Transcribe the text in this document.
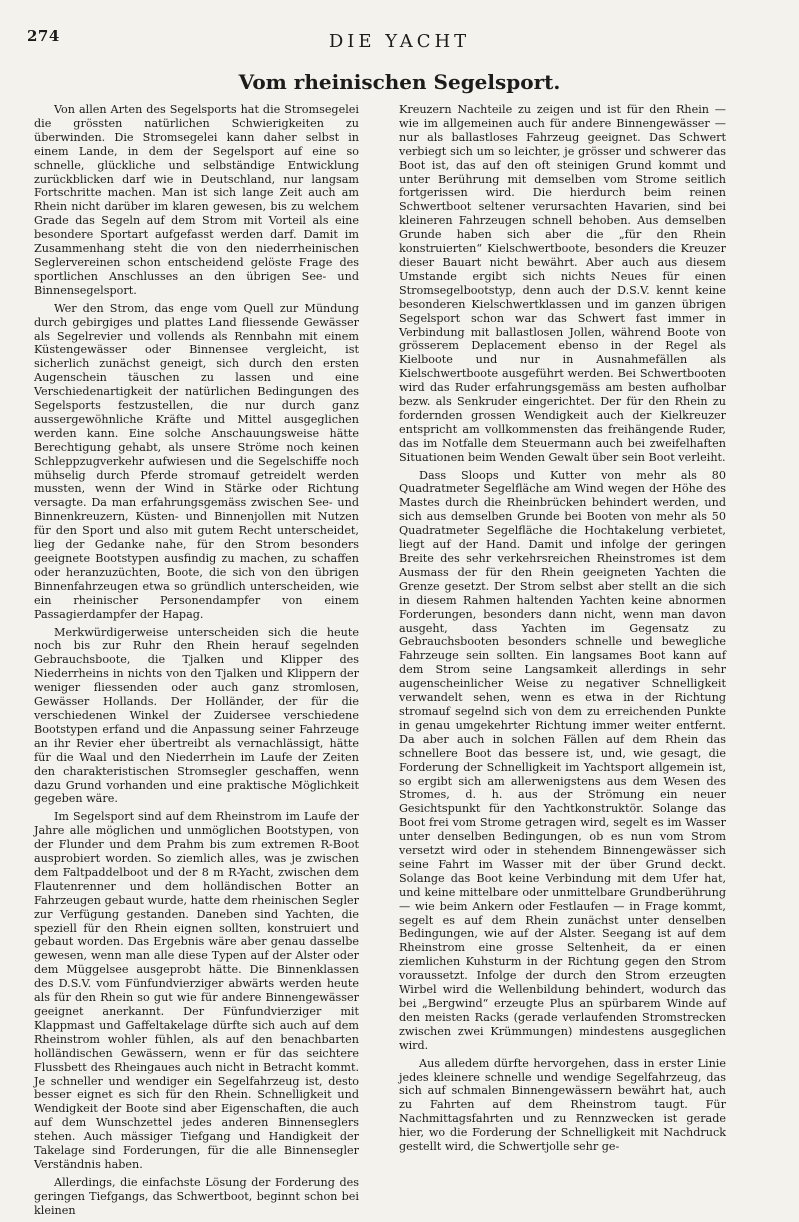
274	DIE YACHT
Vom rheinischen Segelsport.

Von allen Arten des Segelsports hat die Stromsegelei die grössten natürlichen Schwierigkeiten zu überwinden. Die Stromsegelei kann daher selbst in einem Lande, in dem der Segelsport auf eine so schnelle, glückliche und selbständige Entwicklung zurückblicken darf wie in Deutschland, nur langsam Fortschritte machen. Man ist sich lange Zeit auch am Rhein nicht darüber im klaren gewesen, bis zu welchem Grade das Segeln auf dem Strom mit Vorteil als eine besondere Sportart aufgefasst werden darf. Damit im Zusammenhang steht die von den niederrheinischen Seglervereinen schon entscheidend gelöste Frage des sportlichen Anschlusses an den übrigen See- und Binnensegelsport.

Wer den Strom, das enge vom Quell zur Mündung durch gebirgiges und plattes Land fliessende Gewässer als Segelrevier und vollends als Rennbahn mit einem Küstengewässer oder Binnensee vergleicht, ist sicherlich zunächst geneigt, sich durch den ersten Augenschein täuschen zu lassen und eine Verschiedenartigkeit der natürlichen Bedingungen des Segelsports festzustellen, die nur durch ganz aussergewöhnliche Kräfte und Mittel ausgeglichen werden kann. Eine solche Anschauungsweise hätte Berechtigung gehabt, als unsere Ströme noch keinen Schleppzugverkehr aufwiesen und die Segelschiffe noch mühselig durch Pferde stromauf getreidelt werden mussten, wenn der Wind in Stärke oder Richtung versagte. Da man erfahrungsgemäss zwischen See- und Binnenkreuzern, Küsten- und Binnenjollen mit Nutzen für den Sport und also mit gutem Recht unterscheidet, lieg der Gedanke nahe, für den Strom besonders geeignete Bootstypen ausfindig zu machen, zu schaffen oder heranzuzüchten, Boote, die sich von den übrigen Binnenfahrzeugen etwa so gründlich unterscheiden, wie ein rheinischer Personendampfer von einem Passagierdampfer der Hapag.

Merkwürdigerweise unterscheiden sich die heute noch bis zur Ruhr den Rhein herauf segelnden Gebrauchsboote, die Tjalken und Klipper des Niederrheins in nichts von den Tjalken und Klippern der weniger fliessenden oder auch ganz stromlosen, Gewässer Hollands. Der Holländer, der für die verschiedenen Winkel der Zuidersee verschiedene Bootstypen erfand und die Anpassung seiner Fahrzeuge an ihr Revier eher übertreibt als vernachlässigt, hätte für die Waal und den Niederrhein im Laufe der Zeiten den charakteristischen Stromsegler geschaffen, wenn dazu Grund vorhanden und eine praktische Möglichkeit gegeben wäre.

Im Segelsport sind auf dem Rheinstrom im Laufe der Jahre alle möglichen und unmöglichen Bootstypen, von der Flunder und dem Prahm bis zum extremen R-Boot ausprobiert worden. So ziemlich alles, was je zwischen dem Faltpaddelboot und der 8 m R-Yacht, zwischen dem Flautenrenner und dem holländischen Botter an Fahrzeugen gebaut wurde, hatte dem rheinischen Segler zur Verfügung gestanden. Daneben sind Yachten, die speziell für den Rhein eignen sollten, konstruiert und gebaut worden. Das Ergebnis wäre aber genau dasselbe gewesen, wenn man alle diese Typen auf der Alster oder dem Müggelsee ausgeprobt hätte. Die Binnenklassen des D.S.V. vom Fünfundvierziger abwärts werden heute als für den Rhein so gut wie für andere Binnengewässer geeignet anerkannt. Der Fünfundvierziger mit Klappmast und Gaffeltakelage dürfte sich auch auf dem Rheinstrom wohler fühlen, als auf den benachbarten holländischen Gewässern, wenn er für das seichtere Flussbett des Rheingaues auch nicht in Betracht kommt. Je schneller und wendiger ein Segelfahrzeug ist, desto besser eignet es sich für den Rhein. Schnelligkeit und Wendigkeit der Boote sind aber Eigenschaften, die auch auf dem Wunschzettel jedes anderen Binnenseglers stehen. Auch mässiger Tiefgang und Handigkeit der Takelage sind Forderungen, für die alle Binnensegler Verständnis haben.

Allerdings, die einfachste Lösung der Forderung des geringen Tiefgangs, das Schwertboot, beginnt schon bei kleinen

Kreuzern Nachteile zu zeigen und ist für den Rhein — wie im allgemeinen auch für andere Binnengewässer — nur als ballastloses Fahrzeug geeignet. Das Schwert verbiegt sich um so leichter, je grösser und schwerer das Boot ist, das auf den oft steinigen Grund kommt und unter Berührung mit demselben vom Strome seitlich fortgerissen wird. Die hierdurch beim reinen Schwertboot seltener verursachten Havarien, sind bei kleineren Fahrzeugen schnell behoben. Aus demselben Grunde haben sich aber die „für den Rhein konstruierten“ Kielschwertboote, besonders die Kreuzer dieser Bauart nicht bewährt. Aber auch aus diesem Umstande ergibt sich nichts Neues für einen Stromsegelbootstyp, denn auch der D.S.V. kennt keine besonderen Kielschwertklassen und im ganzen übrigen Segelsport schon war das Schwert fast immer in Verbindung mit ballastlosen Jollen, während Boote von grösserem Deplacement ebenso in der Regel als Kielboote und nur in Ausnahmefällen als Kielschwertboote ausgeführt werden. Bei Schwertbooten wird das Ruder erfahrungsgemäss am besten aufholbar bezw. als Senkruder eingerichtet. Der für den Rhein zu fordernden grossen Wendigkeit auch der Kielkreuzer entspricht am vollkommensten das freihängende Ruder, das im Notfalle dem Steuermann auch bei zweifelhaften Situationen beim Wenden Gewalt über sein Boot verleiht.

Dass Sloops und Kutter von mehr als 80 Quadratmeter Segelfläche am Wind wegen der Höhe des Mastes durch die Rheinbrücken behindert werden, und sich aus demselben Grunde bei Booten von mehr als 50 Quadratmeter Segelfläche die Hochtakelung verbietet, liegt auf der Hand. Damit und infolge der geringen Breite des sehr verkehrsreichen Rheinstromes ist dem Ausmass der für den Rhein geeigneten Yachten die Grenze gesetzt. Der Strom selbst aber stellt an die sich in diesem Rahmen haltenden Yachten keine abnormen Forderungen, besonders dann nicht, wenn man davon ausgeht, dass Yachten im Gegensatz zu Gebrauchsbooten besonders schnelle und bewegliche Fahrzeuge sein sollten. Ein langsames Boot kann auf dem Strom seine Langsamkeit allerdings in sehr augenscheinlicher Weise zu negativer Schnelligkeit verwandelt sehen, wenn es etwa in der Richtung stromauf segelnd sich von dem zu erreichenden Punkte in genau umgekehrter Richtung immer weiter entfernt. Da aber auch in solchen Fällen auf dem Rhein das schnellere Boot das bessere ist, und, wie gesagt, die Forderung der Schnelligkeit im Yachtsport allgemein ist, so ergibt sich am allerwenigstens aus dem Wesen des Stromes, d. h. aus der Strömung ein neuer Gesichtspunkt für den Yachtkonstruktör. Solange das Boot frei vom Strome getragen wird, segelt es im Wasser unter denselben Bedingungen, ob es nun vom Strom versetzt wird oder in stehendem Binnengewässer sich seine Fahrt im Wasser mit der über Grund deckt. Solange das Boot keine Verbindung mit dem Ufer hat, und keine mittelbare oder unmittelbare Grundberührung — wie beim Ankern oder Festlaufen — in Frage kommt, segelt es auf dem Rhein zunächst unter denselben Bedingungen, wie auf der Alster. Seegang ist auf dem Rheinstrom eine grosse Seltenheit, da er einen ziemlichen Kuhsturm in der Richtung gegen den Strom voraussetzt. Infolge der durch den Strom erzeugten Wirbel wird die Wellenbildung behindert, wodurch das bei „Bergwind“ erzeugte Plus an spürbarem Winde auf den meisten Racks (gerade verlaufenden Stromstrecken zwischen zwei Krümmungen) mindestens ausgeglichen wird.

Aus alledem dürfte hervorgehen, dass in erster Linie jedes kleinere schnelle und wendige Segelfahrzeug, das sich auf schmalen Binnengewässern bewährt hat, auch zu Fahrten auf dem Rheinstrom taugt. Für Nachmittagsfahrten und zu Rennzwecken ist gerade hier, wo die Forderung der Schnelligkeit mit Nachdruck gestellt wird, die Schwertjolle sehr ge-
